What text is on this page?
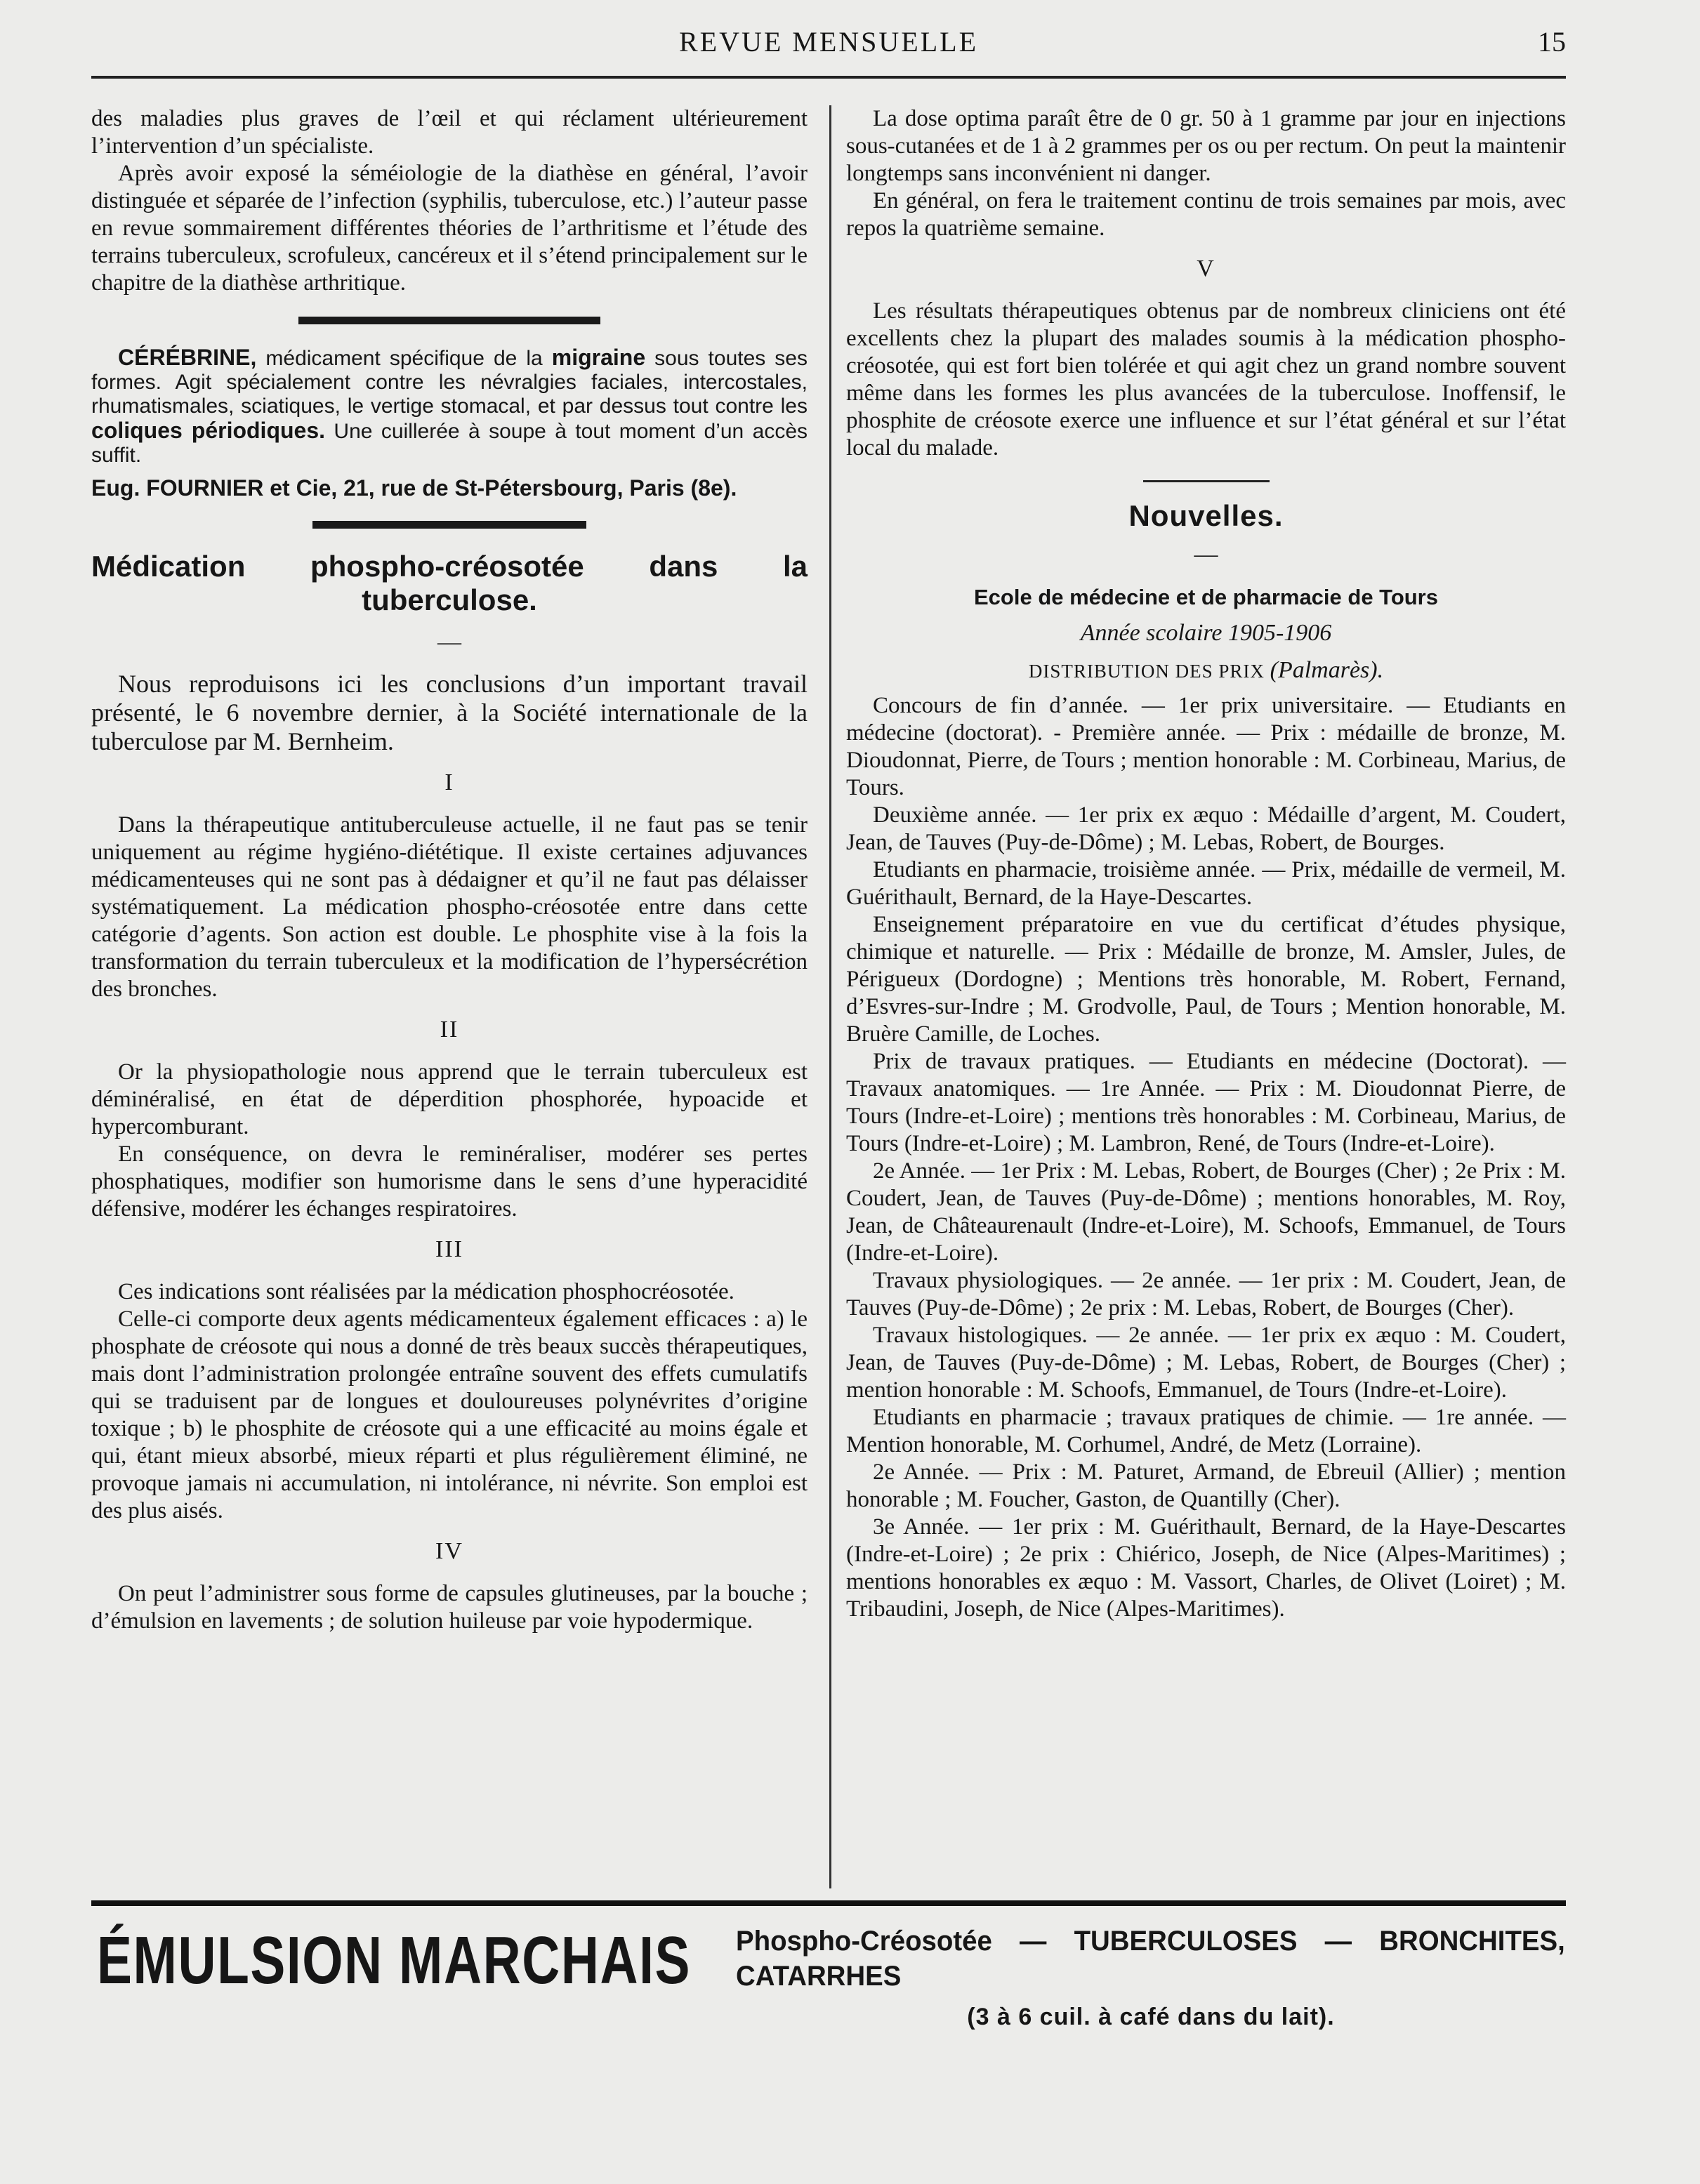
REVUE MENSUELLE	15

des maladies plus graves de l’œil et qui réclament ultérieurement l’intervention d’un spécialiste.

Après avoir exposé la séméiologie de la diathèse en général, l’avoir distinguée et séparée de l’infection (syphilis, tuberculose, etc.) l’auteur passe en revue sommairement différentes théories de l’arthritisme et l’étude des terrains tuberculeux, scrofuleux, cancéreux et il s’étend principalement sur le chapitre de la diathèse arthritique.

CÉRÉBRINE, médicament spécifique de la migraine sous toutes ses formes. Agit spécialement contre les névralgies faciales, intercostales, rhumatismales, sciatiques, le vertige stomacal, et par dessus tout contre les coliques périodiques. Une cuillerée à soupe à tout moment d’un accès suffit.
Eug. FOURNIER et Cie, 21, rue de St-Pétersbourg, Paris (8e).
Médication phospho-créosotée dans la
tuberculose.
—

Nous reproduisons ici les conclusions d’un important travail présenté, le 6 novembre dernier, à la Société internationale de la tuberculose par M. Bernheim.

I

Dans la thérapeutique antituberculeuse actuelle, il ne faut pas se tenir uniquement au régime hygiéno-diététique. Il existe certaines adjuvances médicamenteuses qui ne sont pas à dédaigner et qu’il ne faut pas délaisser systématiquement. La médication phospho-créosotée entre dans cette catégorie d’agents. Son action est double. Le phosphite vise à la fois la transformation du terrain tuberculeux et la modification de l’hypersécrétion des bronches.

II

Or la physiopathologie nous apprend que le terrain tuberculeux est déminéralisé, en état de déperdition phosphorée, hypoacide et hypercomburant.

En conséquence, on devra le reminéraliser, modérer ses pertes phosphatiques, modifier son humorisme dans le sens d’une hyperacidité défensive, modérer les échanges respiratoires.

III

Ces indications sont réalisées par la médication phosphocréosotée.

Celle-ci comporte deux agents médicamenteux également efficaces : a) le phosphate de créosote qui nous a donné de très beaux succès thérapeutiques, mais dont l’administration prolongée entraîne souvent des effets cumulatifs qui se traduisent par de longues et douloureuses polynévrites d’origine toxique ; b) le phosphite de créosote qui a une efficacité au moins égale et qui, étant mieux absorbé, mieux réparti et plus régulièrement éliminé, ne provoque jamais ni accumulation, ni intolérance, ni névrite. Son emploi est des plus aisés.

IV

On peut l’administrer sous forme de capsules glutineuses, par la bouche ; d’émulsion en lavements ; de solution huileuse par voie hypodermique.

La dose optima paraît être de 0 gr. 50 à 1 gramme par jour en injections sous-cutanées et de 1 à 2 grammes per os ou per rectum. On peut la maintenir longtemps sans inconvénient ni danger.

En général, on fera le traitement continu de trois semaines par mois, avec repos la quatrième semaine.

V

Les résultats thérapeutiques obtenus par de nombreux cliniciens ont été excellents chez la plupart des malades soumis à la médication phospho-créosotée, qui est fort bien tolérée et qui agit chez un grand nombre souvent même dans les formes les plus avancées de la tuberculose. Inoffensif, le phosphite de créosote exerce une influence et sur l’état général et sur l’état local du malade.

Nouvelles.
—
Ecole de médecine et de pharmacie de Tours
Année scolaire 1905-1906
DISTRIBUTION DES PRIX (Palmarès).

Concours de fin d’année. — 1er prix universitaire. — Etudiants en médecine (doctorat). - Première année. — Prix : médaille de bronze, M. Dioudonnat, Pierre, de Tours ; mention honorable : M. Corbineau, Marius, de Tours.

Deuxième année. — 1er prix ex æquo : Médaille d’argent, M. Coudert, Jean, de Tauves (Puy-de-Dôme) ; M. Lebas, Robert, de Bourges.

Etudiants en pharmacie, troisième année. — Prix, médaille de vermeil, M. Guérithault, Bernard, de la Haye-Descartes.

Enseignement préparatoire en vue du certificat d’études physique, chimique et naturelle. — Prix : Médaille de bronze, M. Amsler, Jules, de Périgueux (Dordogne) ; Mentions très honorable, M. Robert, Fernand, d’Esvres-sur-Indre ; M. Grodvolle, Paul, de Tours ; Mention honorable, M. Bruère Camille, de Loches.

Prix de travaux pratiques. — Etudiants en médecine (Doctorat). — Travaux anatomiques. — 1re Année. — Prix : M. Dioudonnat Pierre, de Tours (Indre-et-Loire) ; mentions très honorables : M. Corbineau, Marius, de Tours (Indre-et-Loire) ; M. Lambron, René, de Tours (Indre-et-Loire).

2e Année. — 1er Prix : M. Lebas, Robert, de Bourges (Cher) ; 2e Prix : M. Coudert, Jean, de Tauves (Puy-de-Dôme) ; mentions honorables, M. Roy, Jean, de Châteaurenault (Indre-et-Loire), M. Schoofs, Emmanuel, de Tours (Indre-et-Loire).

Travaux physiologiques. — 2e année. — 1er prix : M. Coudert, Jean, de Tauves (Puy-de-Dôme) ; 2e prix : M. Lebas, Robert, de Bourges (Cher).

Travaux histologiques. — 2e année. — 1er prix ex æquo : M. Coudert, Jean, de Tauves (Puy-de-Dôme) ; M. Lebas, Robert, de Bourges (Cher) ; mention honorable : M. Schoofs, Emmanuel, de Tours (Indre-et-Loire).

Etudiants en pharmacie ; travaux pratiques de chimie. — 1re année. — Mention honorable, M. Corhumel, André, de Metz (Lorraine).

2e Année. — Prix : M. Paturet, Armand, de Ebreuil (Allier) ; mention honorable ; M. Foucher, Gaston, de Quantilly (Cher).

3e Année. — 1er prix : M. Guérithault, Bernard, de la Haye-Descartes (Indre-et-Loire) ; 2e prix : Chiérico, Joseph, de Nice (Alpes-Maritimes) ; mentions honorables ex æquo : M. Vassort, Charles, de Olivet (Loiret) ; M. Tribaudini, Joseph, de Nice (Alpes-Maritimes).

ÉMULSION MARCHAIS Phospho-Créosotée — TUBERCULOSES — BRONCHITES, CATARRHES
(3 à 6 cuil. à café dans du lait).
